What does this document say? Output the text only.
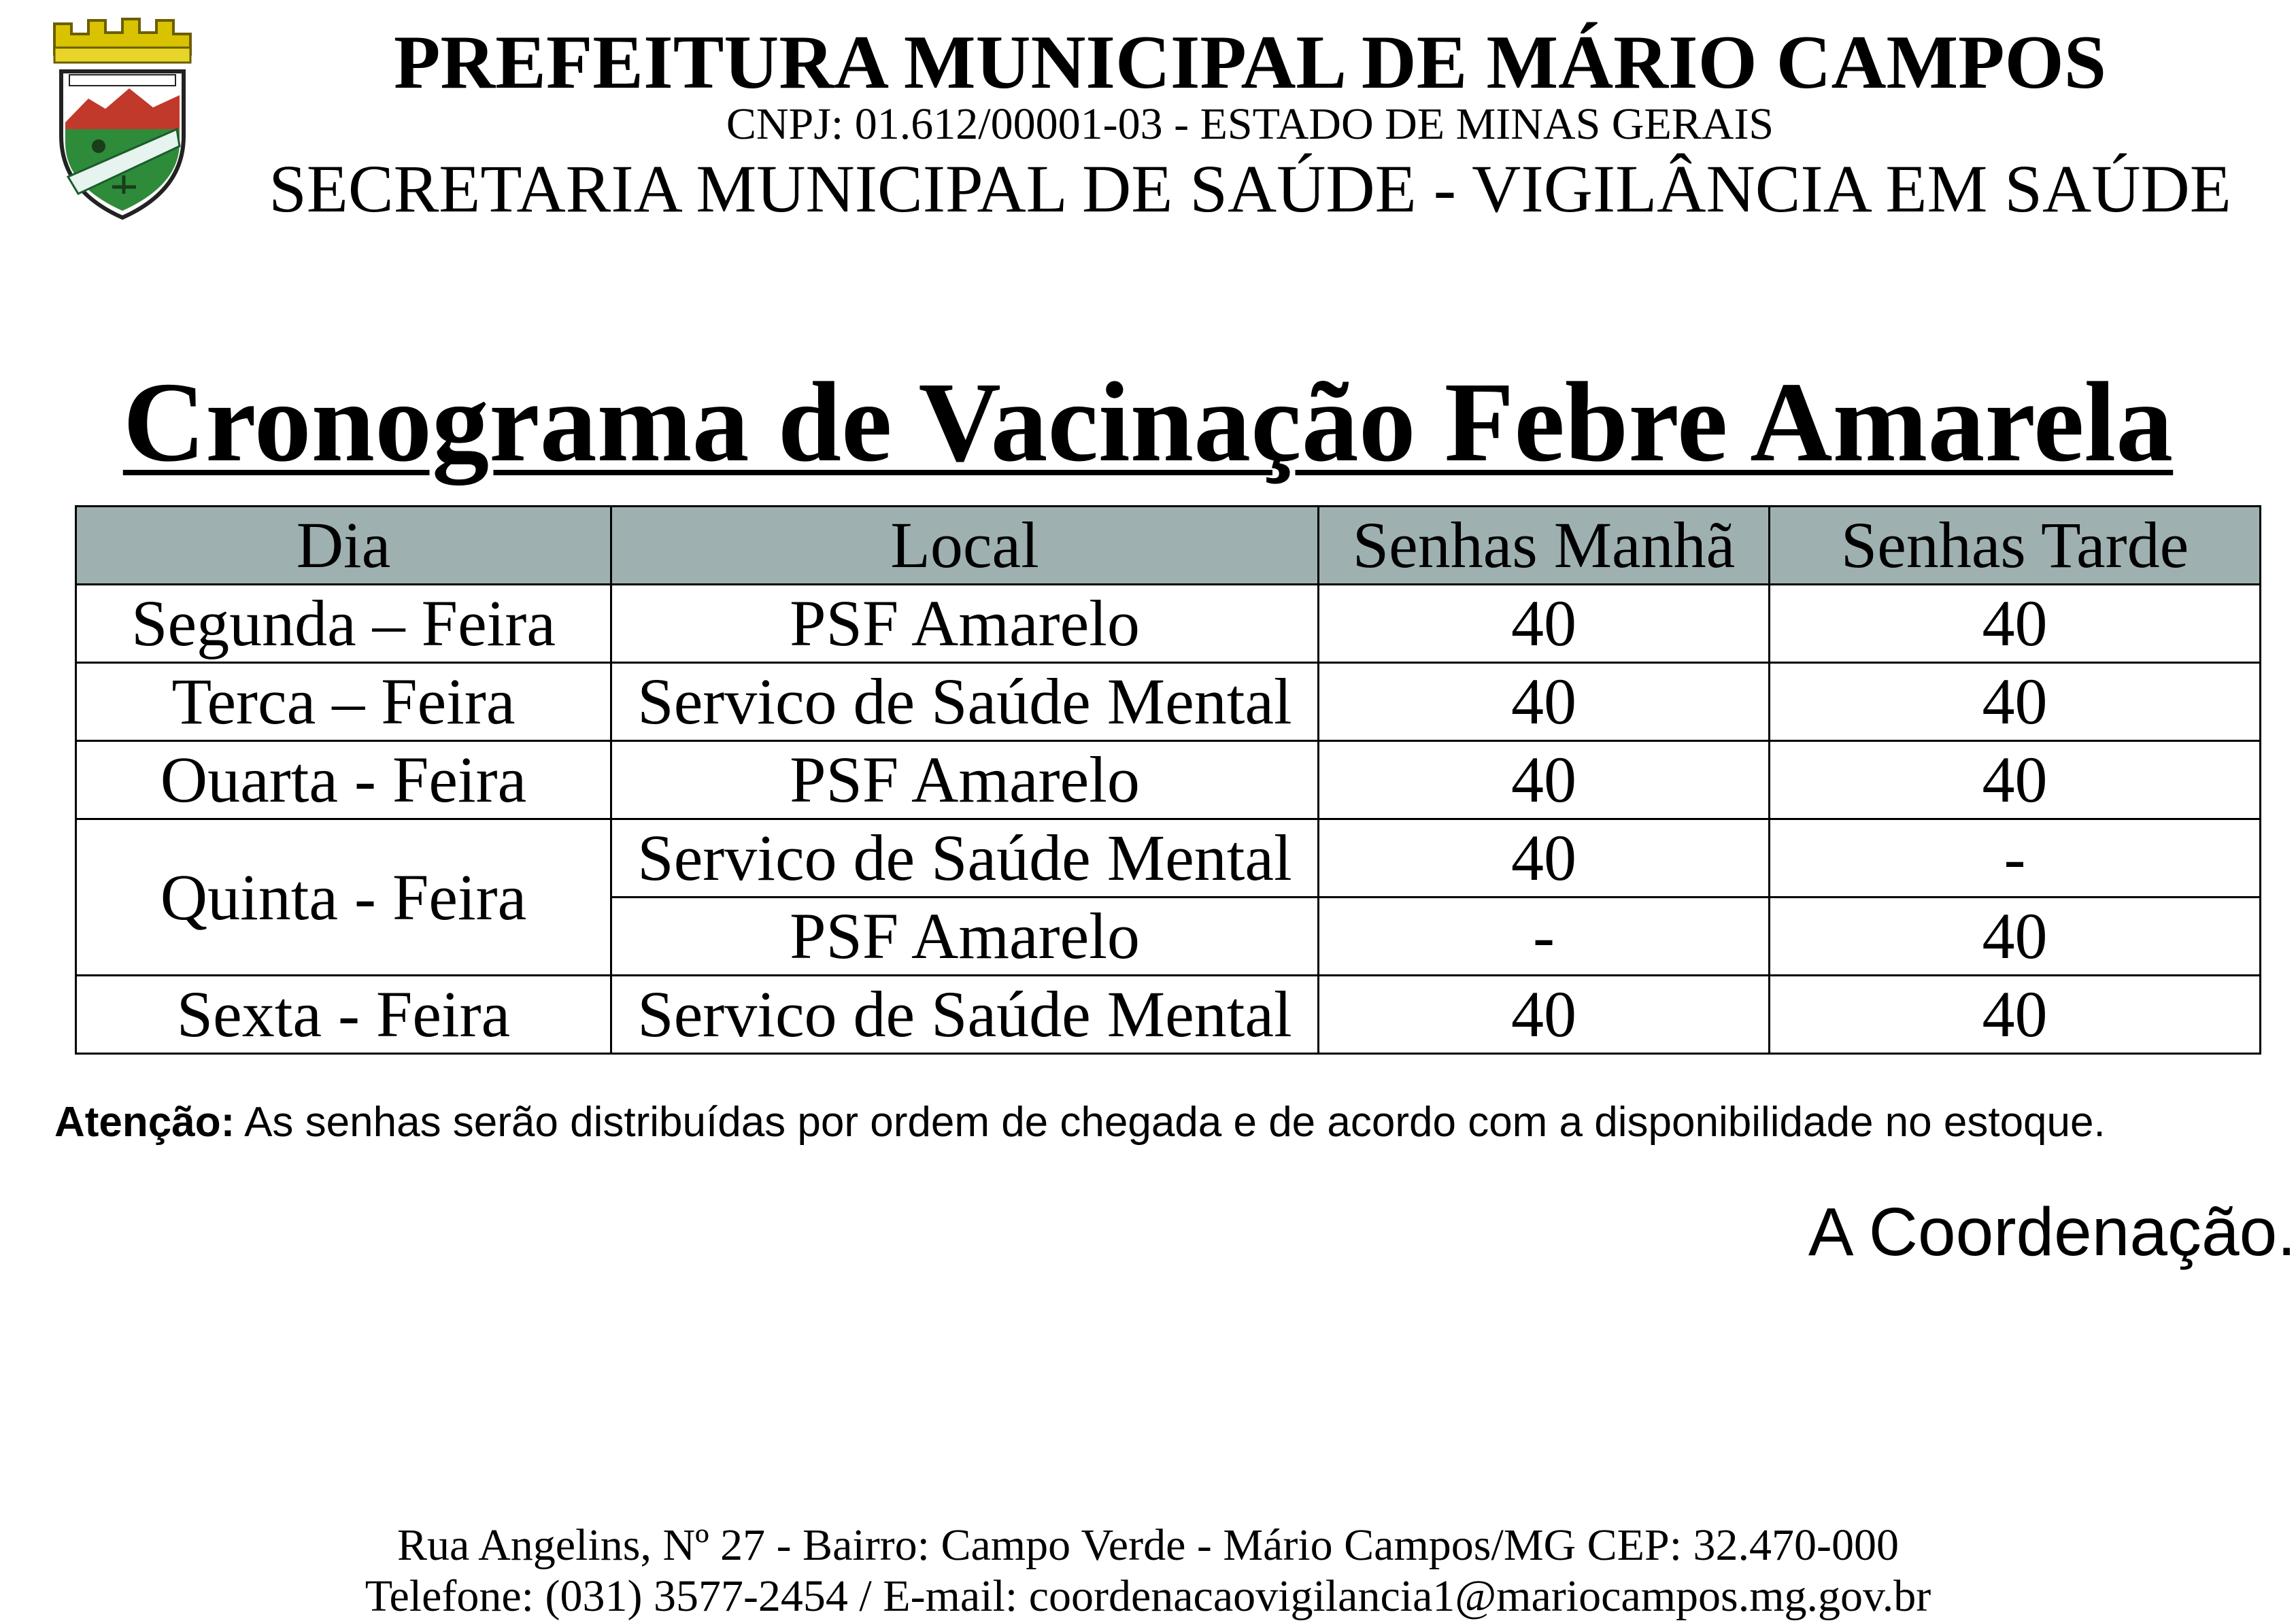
PREFEITURA MUNICIPAL DE MÁRIO CAMPOS
CNPJ: 01.612/00001-03 - ESTADO DE MINAS GERAIS
SECRETARIA MUNICIPAL DE SAÚDE - VIGILÂNCIA EM SAÚDE
Cronograma de Vacinação Febre Amarela
Dia	Local	Senhas Manhã	Senhas Tarde
Segunda – Feira	PSF Amarelo	40	40
Terca – Feira	Servico de Saúde Mental	40	40
Ouarta - Feira	PSF Amarelo	40	40
Quinta - Feira	Servico de Saúde Mental	40	-
	PSF Amarelo	-	40
Sexta - Feira	Servico de Saúde Mental	40	40
Atenção: As senhas serão distribuídas por ordem de chegada e de acordo com a disponibilidade no estoque.
A Coordenação.
Rua Angelins, Nº 27 - Bairro: Campo Verde - Mário Campos/MG CEP: 32.470-000
Telefone: (031) 3577-2454 / E-mail: coordenacaovigilancia1@mariocampos.mg.gov.br
